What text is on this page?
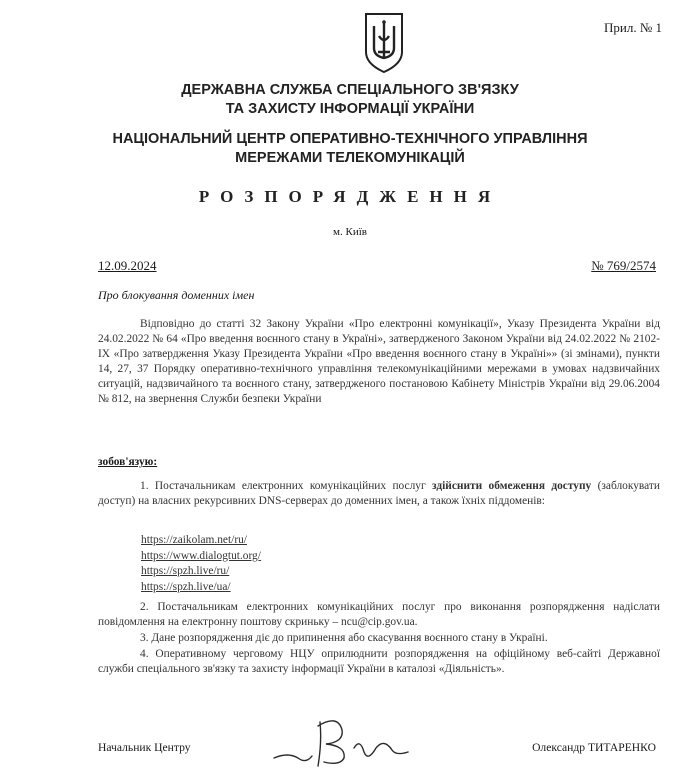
Прил. № 1
ДЕРЖАВНА СЛУЖБА СПЕЦІАЛЬНОГО ЗВ'ЯЗКУ
ТА ЗАХИСТУ ІНФОРМАЦІЇ УКРАЇНИ
НАЦІОНАЛЬНИЙ ЦЕНТР ОПЕРАТИВНО-ТЕХНІЧНОГО УПРАВЛІННЯ
МЕРЕЖАМИ ТЕЛЕКОМУНІКАЦІЙ
РОЗПОРЯДЖЕННЯ
м. Київ
12.09.2024	№ 769/2574
Про блокування доменних імен

Відповідно до статті 32 Закону України «Про електронні комунікації», Указу Президента України від 24.02.2022 № 64 «Про введення воєнного стану в Україні», затвердженого Законом України від 24.02.2022 № 2102-IX «Про затвердження Указу Президента України «Про введення воєнного стану в Україні»» (зі змінами), пункти 14, 27, 37 Порядку оперативно-технічного управління телекомунікаційними мережами в умовах надзвичайних ситуацій, надзвичайного та воєнного стану, затвердженого постановою Кабінету Міністрів України від 29.06.2004 № 812, на звернення Служби безпеки України

зобов'язую:

1. Постачальникам електронних комунікаційних послуг здійснити обмеження доступу (заблокувати доступ) на власних рекурсивних DNS-серверах до доменних імен, а також їхніх піддоменів:

https://zaikolam.net/ru/
https://www.dialogtut.org/
https://spzh.live/ru/
https://spzh.live/ua/

2. Постачальникам електронних комунікаційних послуг про виконання розпорядження надіслати повідомлення на електронну поштову скриньку – ncu@cip.gov.ua.

3. Дане розпорядження діє до припинення або скасування воєнного стану в Україні.

4. Оперативному черговому НЦУ оприлюднити розпорядження на офіційному веб-сайті Державної служби спеціального зв'язку та захисту інформації України в каталозі «Діяльність».

Начальник Центру	Олександр ТИТАРЕНКО
